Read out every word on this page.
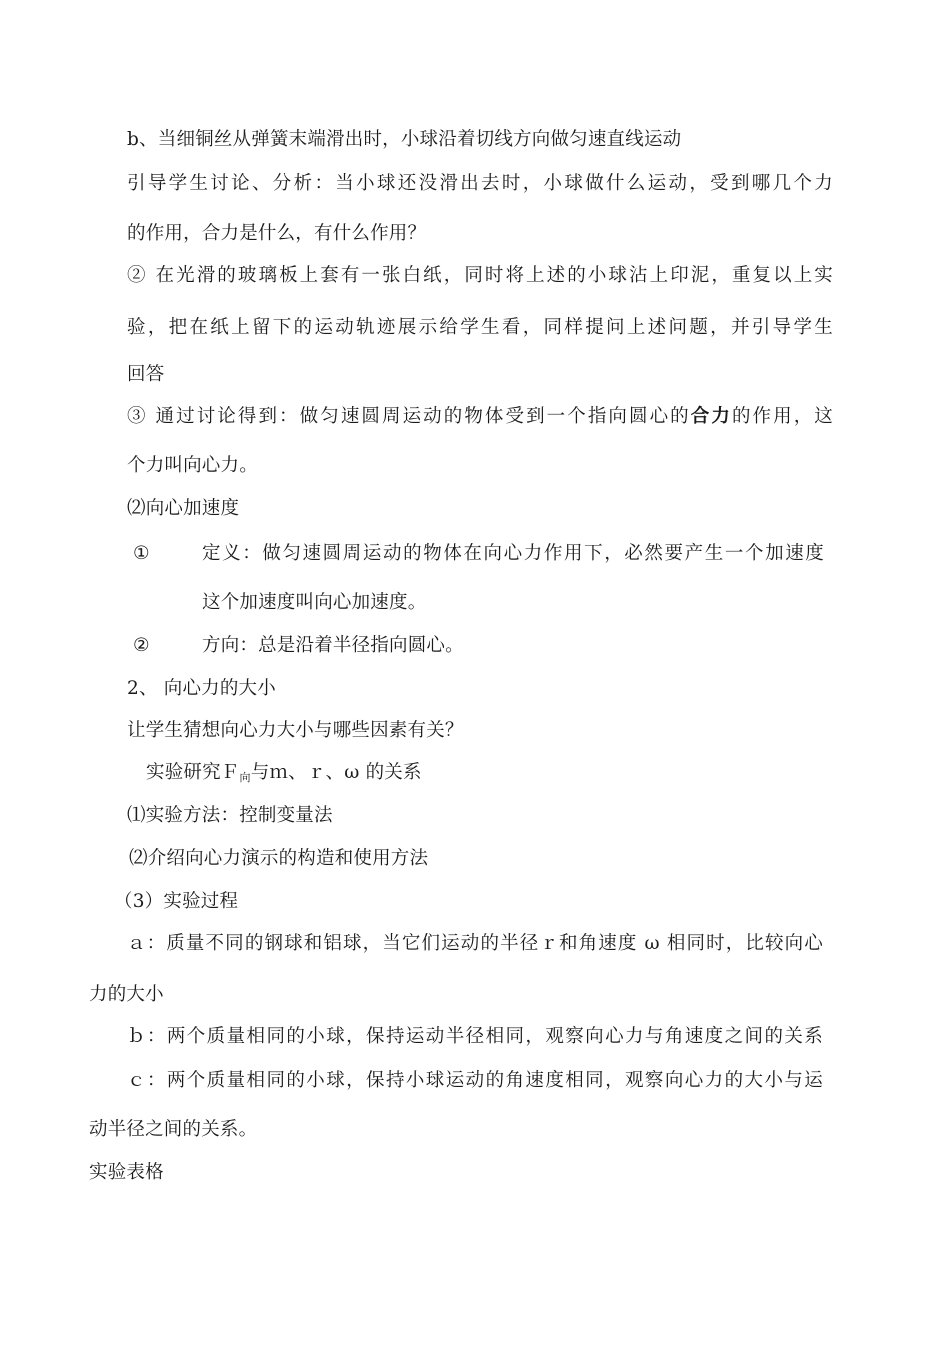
b、当细铜丝从弹簧末端滑出时，小球沿着切线方向做匀速直线运动
引导学生讨论、分析：当小球还没滑出去时，小球做什么运动，受到哪几个力
的作用，合力是什么，有什么作用？
② 在光滑的玻璃板上套有一张白纸，同时将上述的小球沾上印泥，重复以上实
验，把在纸上留下的运动轨迹展示给学生看，同样提问上述问题，并引导学生
回答
③ 通过讨论得到：做匀速圆周运动的物体受到一个指向圆心的合力的作用，这
个力叫向心力。
⑵向心加速度
①	定义：做匀速圆周运动的物体在向心力作用下，必然要产生一个加速度
这个加速度叫向心加速度。
②	方向：总是沿着半径指向圆心。
2、 向心力的大小
让学生猜想向心力大小与哪些因素有关？
实验研究Ｆ$_向$与ｍ、ｒ、ω 的关系
⑴实验方法：控制变量法
⑵介绍向心力演示的构造和使用方法
（3）实验过程
ａ：质量不同的钢球和铝球，当它们运动的半径ｒ和角速度 ω 相同时，比较向心
力的大小
ｂ：两个质量相同的小球，保持运动半径相同，观察向心力与角速度之间的关系
ｃ：两个质量相同的小球，保持小球运动的角速度相同，观察向心力的大小与运
动半径之间的关系。
实验表格
